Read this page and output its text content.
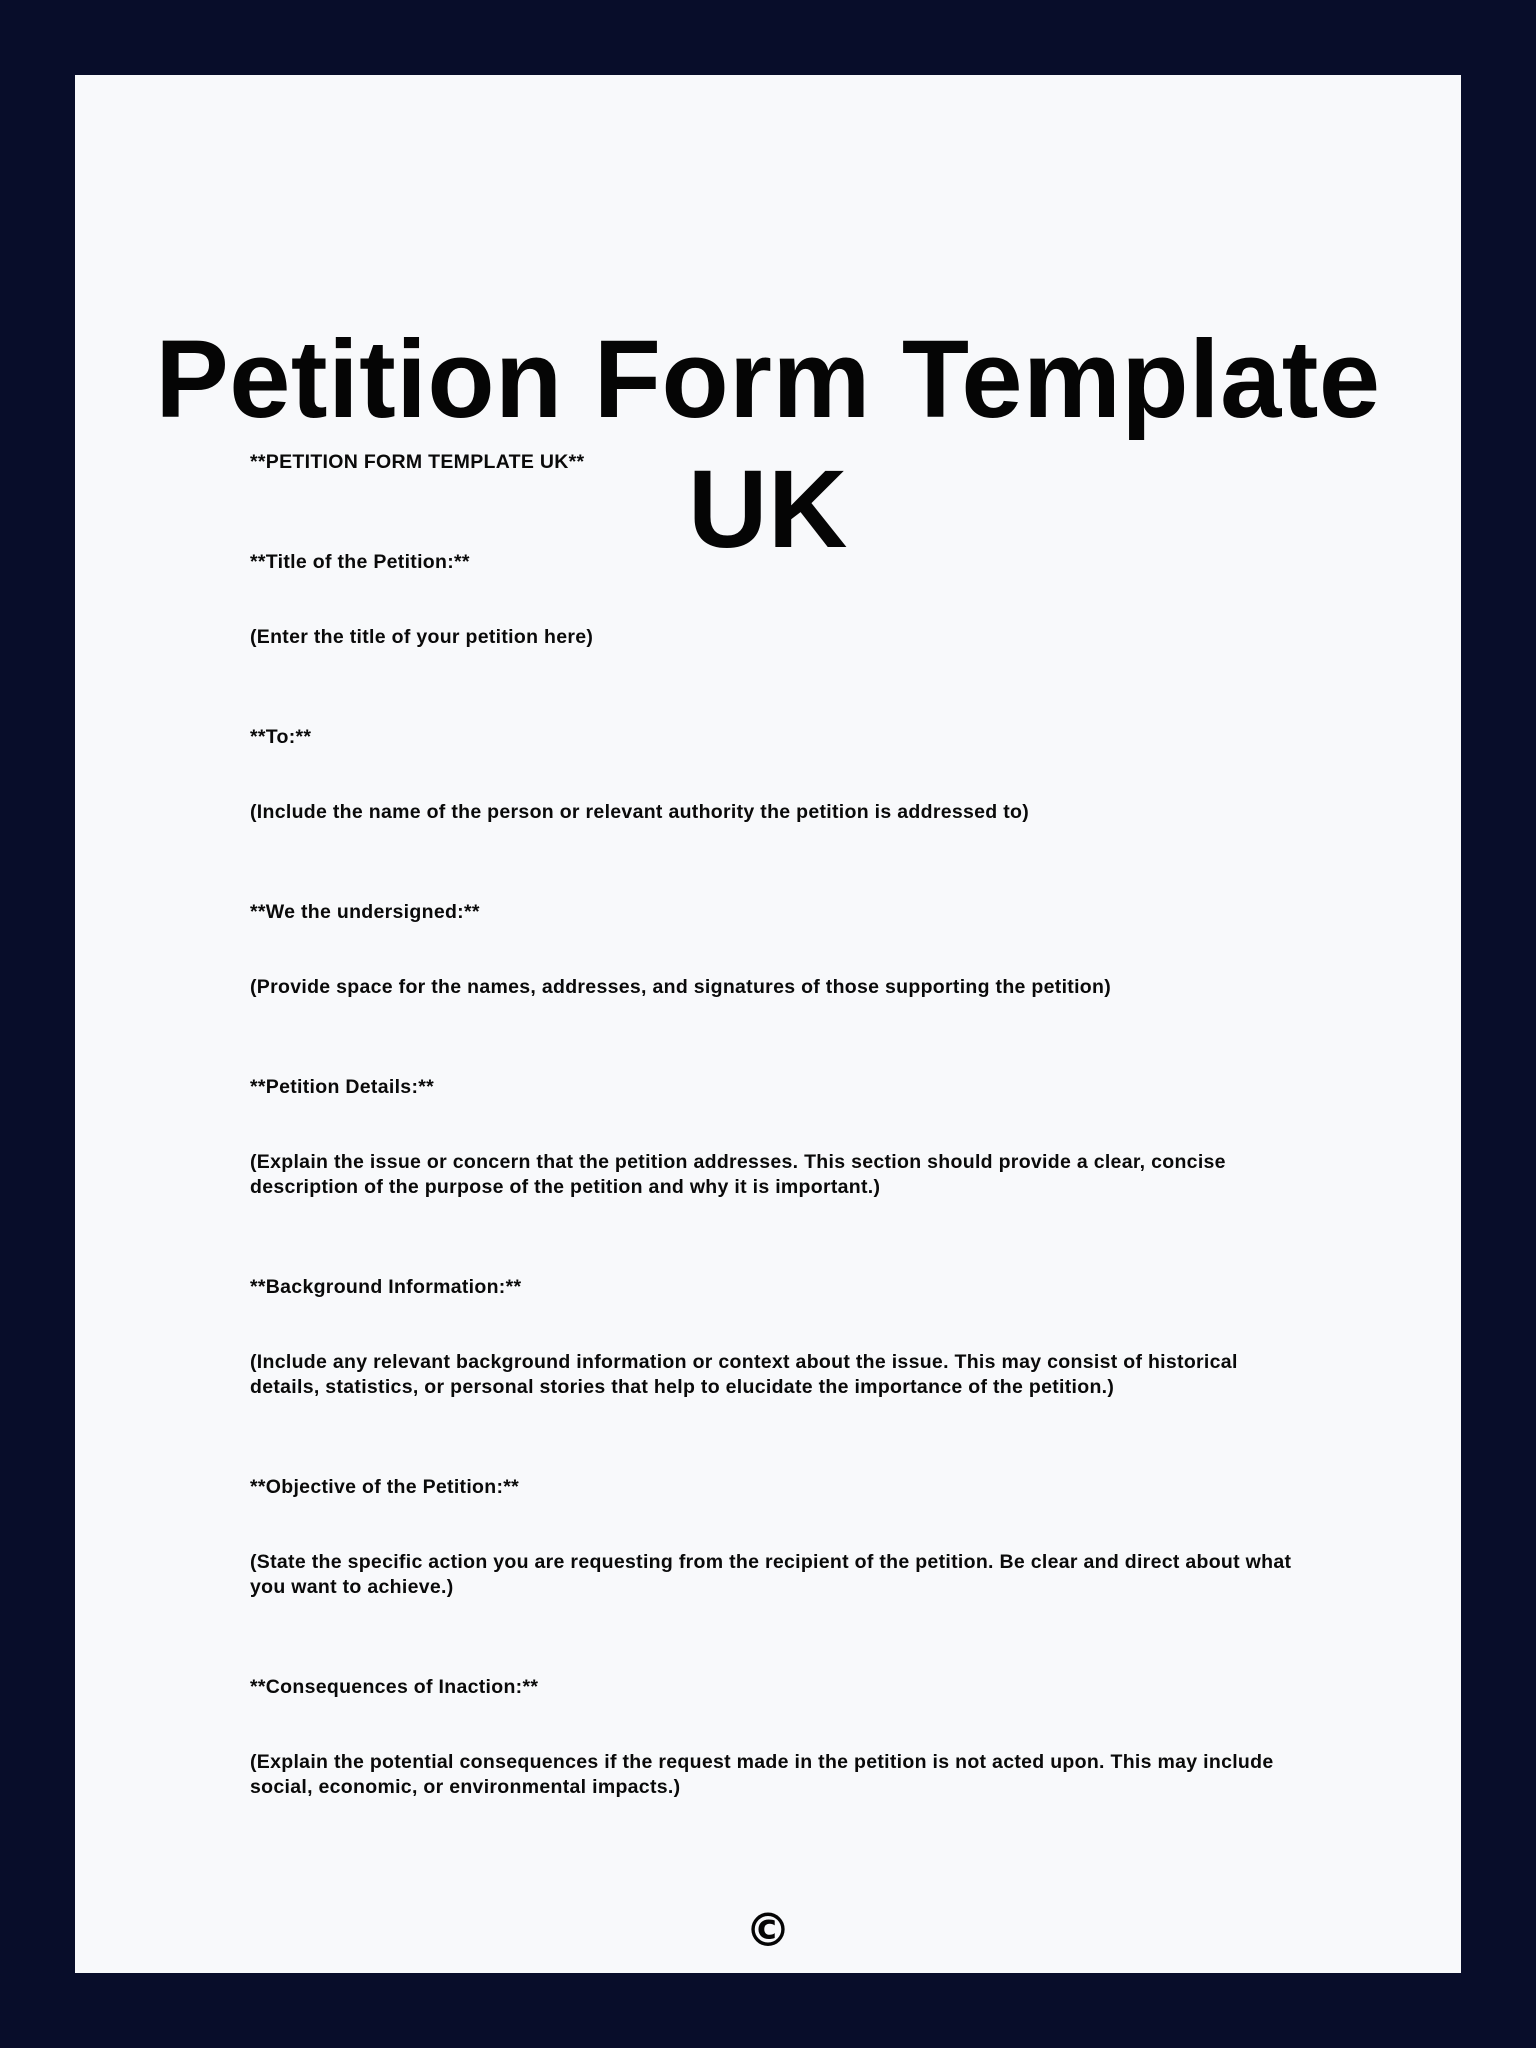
Petition Form Template UK

**PETITION FORM TEMPLATE UK**

**Title of the Petition:**

(Enter the title of your petition here)

**To:**

(Include the name of the person or relevant authority the petition is addressed to)

**We the undersigned:**

(Provide space for the names, addresses, and signatures of those supporting the petition)

**Petition Details:**

(Explain the issue or concern that the petition addresses. This section should provide a clear, concise description of the purpose of the petition and why it is important.)

**Background Information:**

(Include any relevant background information or context about the issue. This may consist of historical details, statistics, or personal stories that help to elucidate the importance of the petition.)

**Objective of the Petition:**

(State the specific action you are requesting from the recipient of the petition. Be clear and direct about what you want to achieve.)

**Consequences of Inaction:**

(Explain the potential consequences if the request made in the petition is not acted upon. This may include social, economic, or environmental impacts.)

©
